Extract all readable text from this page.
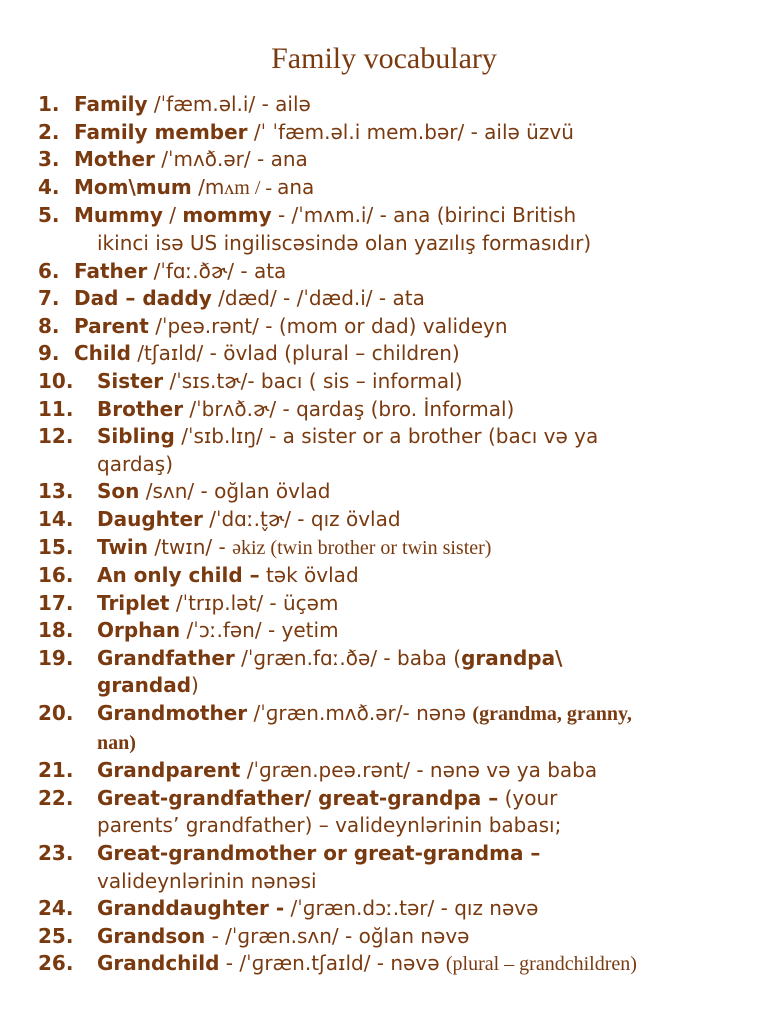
Family vocabulary
1. Family /ˈfæm.əl.i/ - ailə
2. Family member /ˈ ˈfæm.əl.i mem.bər/ - ailə üzvü
3. Mother /ˈmʌð.ər/ - ana
4. Mom\mum /mʌm / - ana
5. Mummy / mommy - /ˈmʌm.i/ - ana (birinci British
ikinci isə US ingiliscəsində olan yazılış formasıdır)
6. Father /ˈfɑː.ðɚ/ - ata
7. Dad – daddy /dæd/ - /ˈdæd.i/ - ata
8. Parent /ˈpeə.rənt/ - (mom or dad) valideyn
9. Child /tʃaɪld/ - övlad (plural – children)
10. Sister /ˈsɪs.tɚ/- bacı ( sis – informal)
11. Brother /ˈbrʌð.ɚ/ - qardaş (bro. İnformal)
12. Sibling /ˈsɪb.lɪŋ/ - a sister or a brother (bacı və ya
qardaş)
13. Son /sʌn/ - oğlan övlad
14. Daughter /ˈdɑː.t̬ɚ/ - qız övlad
15. Twin /twɪn/ - əkiz (twin brother or twin sister)
16. An only child – tək övlad
17. Triplet /ˈtrɪp.lət/ - üçəm
18. Orphan /ˈɔː.fən/ - yetim
19. Grandfather /ˈɡræn.fɑː.ðə/ - baba (grandpa\
grandad)
20. Grandmother /ˈɡræn.mʌð.ər/- nənə (grandma, granny,
nan)
21. Grandparent /ˈɡræn.peə.rənt/ - nənə və ya baba
22. Great-grandfather/ great-grandpa – (your
parents’ grandfather) – valideynlərinin babası;
23. Great-grandmother or great-grandma –
valideynlərinin nənəsi
24. Granddaughter - /ˈɡræn.dɔː.tər/ - qız nəvə
25. Grandson - /ˈɡræn.sʌn/ - oğlan nəvə
26. Grandchild - /ˈɡræn.tʃaɪld/ - nəvə (plural – grandchildren)
